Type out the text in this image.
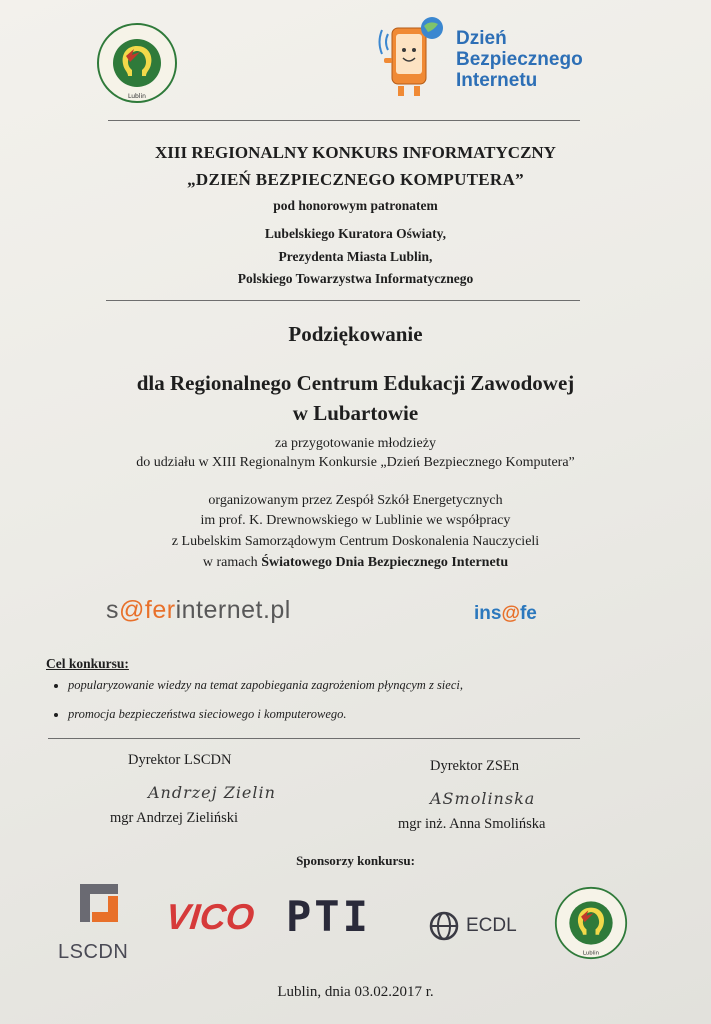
Lublin
Dzień
Bezpiecznego
Internetu
XIII REGIONALNY KONKURS INFORMATYCZNY
„DZIEŃ BEZPIECZNEGO KOMPUTERA”
pod honorowym patronatem
Lubelskiego Kuratora Oświaty,
Prezydenta Miasta Lublin,
Polskiego Towarzystwa Informatycznego
Podziękowanie
dla Regionalnego Centrum Edukacji Zawodowej
w Lubartowie
za przygotowanie młodzieży
do udziału w XIII Regionalnym Konkursie „Dzień Bezpiecznego Komputera”
organizowanym przez Zespół Szkół Energetycznych
im prof. K. Drewnowskiego w Lublinie we współpracy
z Lubelskim Samorządowym Centrum Doskonalenia Nauczycieli
w ramach Światowego Dnia Bezpiecznego Internetu
s@ferinternet.pl	ins@fe
Cel konkursu:
• popularyzowanie wiedzy na temat zapobiegania zagrożeniom płynącym z sieci,
• promocja bezpieczeństwa sieciowego i komputerowego.
Dyrektor LSCDN
Andrzej Zielin
mgr Andrzej Zieliński
Dyrektor ZSEn
ASmolinska
mgr inż. Anna Smolińska
Sponsorzy konkursu:
LSCDN
VICO PTI	ECDL
Lublin
Lublin, dnia 03.02.2017 r.
